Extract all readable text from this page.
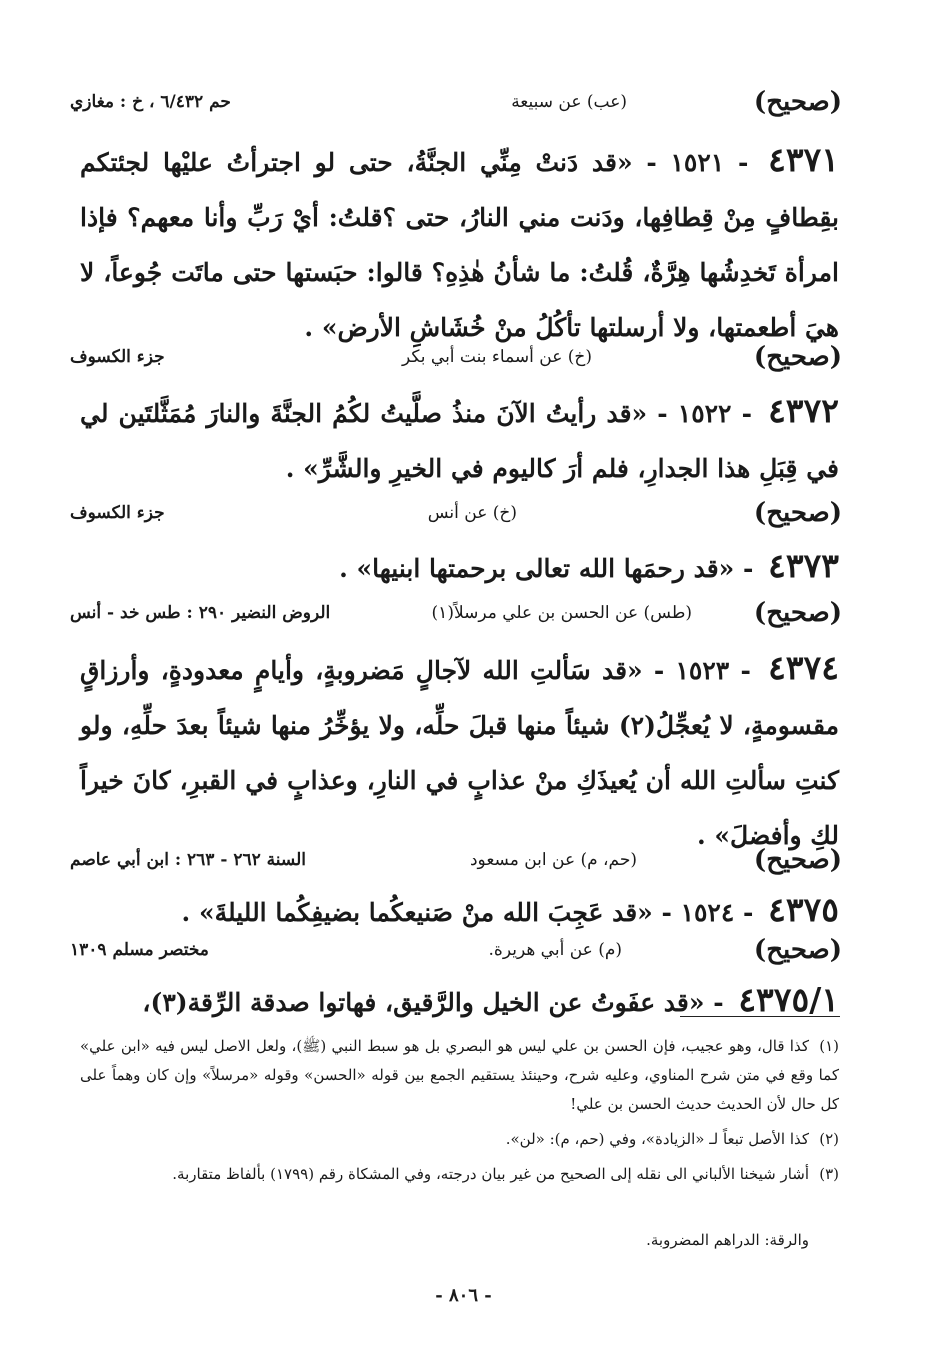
(صحيح)
(عب) عن سبيعة
حم ٦/٤٣٢ ، خ : مغازي
٤٣٧١ - ١٥٢١ - «قد دَنتْ مِنِّي الجنَّةُ، حتى لو اجترأتُ عليْها لجئتكم بقِطافٍ مِنْ قِطافِها، ودَنت مني النارُ، حتى ؟قلتُ: أيْ رَبِّ وأنا معهم؟ فإذا امرأة تَخدِشُها هِرَّةٌ، قُلتُ: ما شأنُ هٰذِهِ؟ قالوا: حبَستها حتى ماتَت جُوعاً، لا هيَ أطعمتها، ولا أرسلتها تأكُلُ منْ خُشَاشِ الأرض» .
(صحيح)
(خ) عن أسماء بنت أبي بكر
جزء الكسوف
٤٣٧٢ - ١٥٢٢ - «قد رأيتُ الآنَ منذُ صلَّيتُ لكُمُ الجنَّةَ والنارَ مُمَثَّلتَين لي في قِبَلِ هذا الجدارِ، فلم أرَ كاليوم في الخيرِ والشَّرِّ» .
(صحيح)
(خ) عن أنس
جزء الكسوف
٤٣٧٣ - «قد رحمَها الله تعالى برحمتها ابنيها» .
(صحيح)
(طس) عن الحسن بن علي مرسلاً(١)
الروض النضير ٢٩٠ : طس خد - أنس
٤٣٧٤ - ١٥٢٣ - «قد سَألتِ الله لآجالٍ مَضروبةٍ، وأيامٍ معدودةٍ، وأرزاقٍ مقسومةٍ، لا يُعجِّلُ(٢) شيئاً منها قبلَ حلِّه، ولا يؤخِّرُ منها شيئاً بعدَ حلِّهِ، ولو كنتِ سألتِ الله أن يُعيذَكِ منْ عذابٍ في النارِ، وعذابٍ في القبرِ، كانَ خيراً لكِ وأفضلَ» .
(صحيح)
(حم، م) عن ابن مسعود
السنة ٢٦٢ - ٢٦٣ : ابن أبي عاصم
٤٣٧٥ - ١٥٢٤ - «قد عَجِبَ الله منْ صَنيعكُما بضيفِكُما الليلةَ» .
(صحيح)
(م) عن أبي هريرة.
مختصر مسلم ١٣٠٩
٤٣٧٥/١ - «قد عفَوتُ عن الخيل والرَّقيق، فهاتوا صدقة الرِّقة(٣)،
(١)كذا قال، وهو عجيب، فإن الحسن بن علي ليس هو البصري بل هو سبط النبي (ﷺ)، ولعل الاصل ليس فيه «ابن علي» كما وقع في متن شرح المناوي، وعليه شرح، وحينئذ يستقيم الجمع بين قوله «الحسن» وقوله «مرسلاً» وإن كان وهماً على كل حال لأن الحديث حديث الحسن بن علي!
(٢)كذا الأصل تبعاً لـ «الزيادة»، وفي (حم، م): «لن».
(٣)أشار شيخنا الألباني الى نقله إلى الصحيح من غير بيان درجته، وفي المشكاة رقم (١٧٩٩) بألفاظ متقاربة.
والرقة: الدراهم المضروبة.
- ٨٠٦ -
